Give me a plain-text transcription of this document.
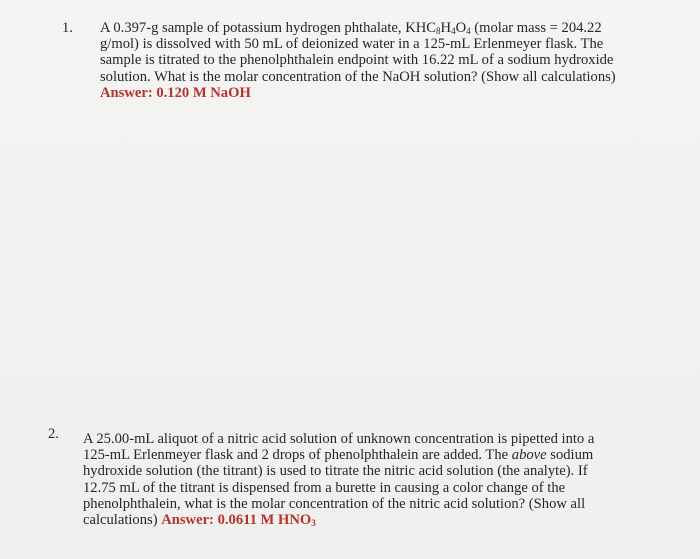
1. A 0.397-g sample of potassium hydrogen phthalate, $KHC_8H_4O_4$ (molar mass = 204.22
g/mol) is dissolved with 50 mL of deionized water in a 125-mL Erlenmeyer flask. The
sample is titrated to the phenolphthalein endpoint with 16.22 mL of a sodium hydroxide
solution. What is the molar concentration of the NaOH solution? (Show all calculations)
Answer: 0.120 M NaOH
2. A 25.00-mL aliquot of a nitric acid solution of unknown concentration is pipetted into a
125-mL Erlenmeyer flask and 2 drops of phenolphthalein are added. The above sodium
hydroxide solution (the titrant) is used to titrate the nitric acid solution (the analyte). If
12.75 mL of the titrant is dispensed from a burette in causing a color change of the
phenolphthalein, what is the molar concentration of the nitric acid solution? (Show all
calculations) Answer: 0.0611 M $HNO_3$
